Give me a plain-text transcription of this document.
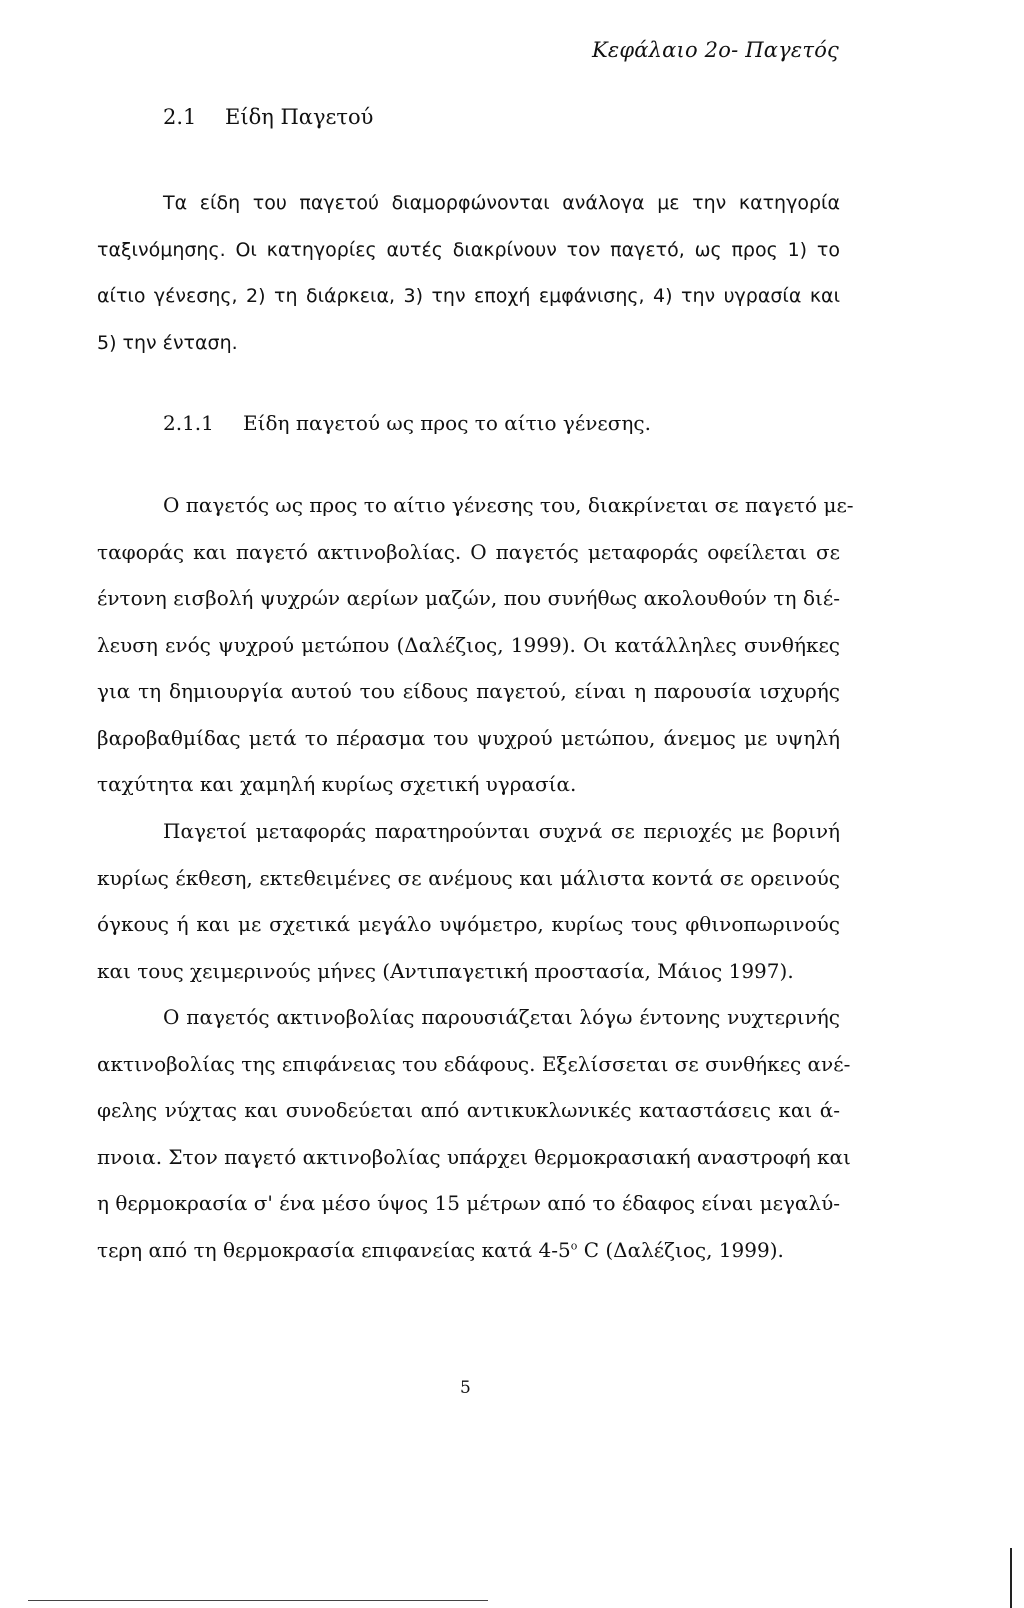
Κεφάλαιο 2ο- Παγετός
2.1 Είδη Παγετού
Τα είδη του παγετού διαμορφώνονται ανάλογα με την κατηγορία
ταξινόμησης. Οι κατηγορίες αυτές διακρίνουν τον παγετό, ως προς 1) το
αίτιο γένεσης, 2) τη διάρκεια, 3) την εποχή εμφάνισης, 4) την υγρασία και
5) την ένταση.
2.1.1 Είδη παγετού ως προς το αίτιο γένεσης.
Ο παγετός ως προς το αίτιο γένεσης του, διακρίνεται σε παγετό με-
ταφοράς και παγετό ακτινοβολίας. Ο παγετός μεταφοράς οφείλεται σε
έντονη εισβολή ψυχρών αερίων μαζών, που συνήθως ακολουθούν τη διέ-
λευση ενός ψυχρού μετώπου (Δαλέζιος, 1999). Οι κατάλληλες συνθήκες
για τη δημιουργία αυτού του είδους παγετού, είναι η παρουσία ισχυρής
βαροβαθμίδας μετά το πέρασμα του ψυχρού μετώπου, άνεμος με υψηλή
ταχύτητα και χαμηλή κυρίως σχετική υγρασία.
Παγετοί μεταφοράς παρατηρούνται συχνά σε περιοχές με βορινή
κυρίως έκθεση, εκτεθειμένες σε ανέμους και μάλιστα κοντά σε ορεινούς
όγκους ή και με σχετικά μεγάλο υψόμετρο, κυρίως τους φθινοπωρινούς
και τους χειμερινούς μήνες (Αντιπαγετική προστασία, Μάιος 1997).
Ο παγετός ακτινοβολίας παρουσιάζεται λόγω έντονης νυχτερινής
ακτινοβολίας της επιφάνειας του εδάφους. Εξελίσσεται σε συνθήκες ανέ-
φελης νύχτας και συνοδεύεται από αντικυκλωνικές καταστάσεις και ά-
πνοια. Στον παγετό ακτινοβολίας υπάρχει θερμοκρασιακή αναστροφή και
η θερμοκρασία σ' ένα μέσο ύψος 15 μέτρων από το έδαφος είναι μεγαλύ-
τερη από τη θερμοκρασία επιφανείας κατά $4-5^o$ C (Δαλέζιος, 1999).
5
